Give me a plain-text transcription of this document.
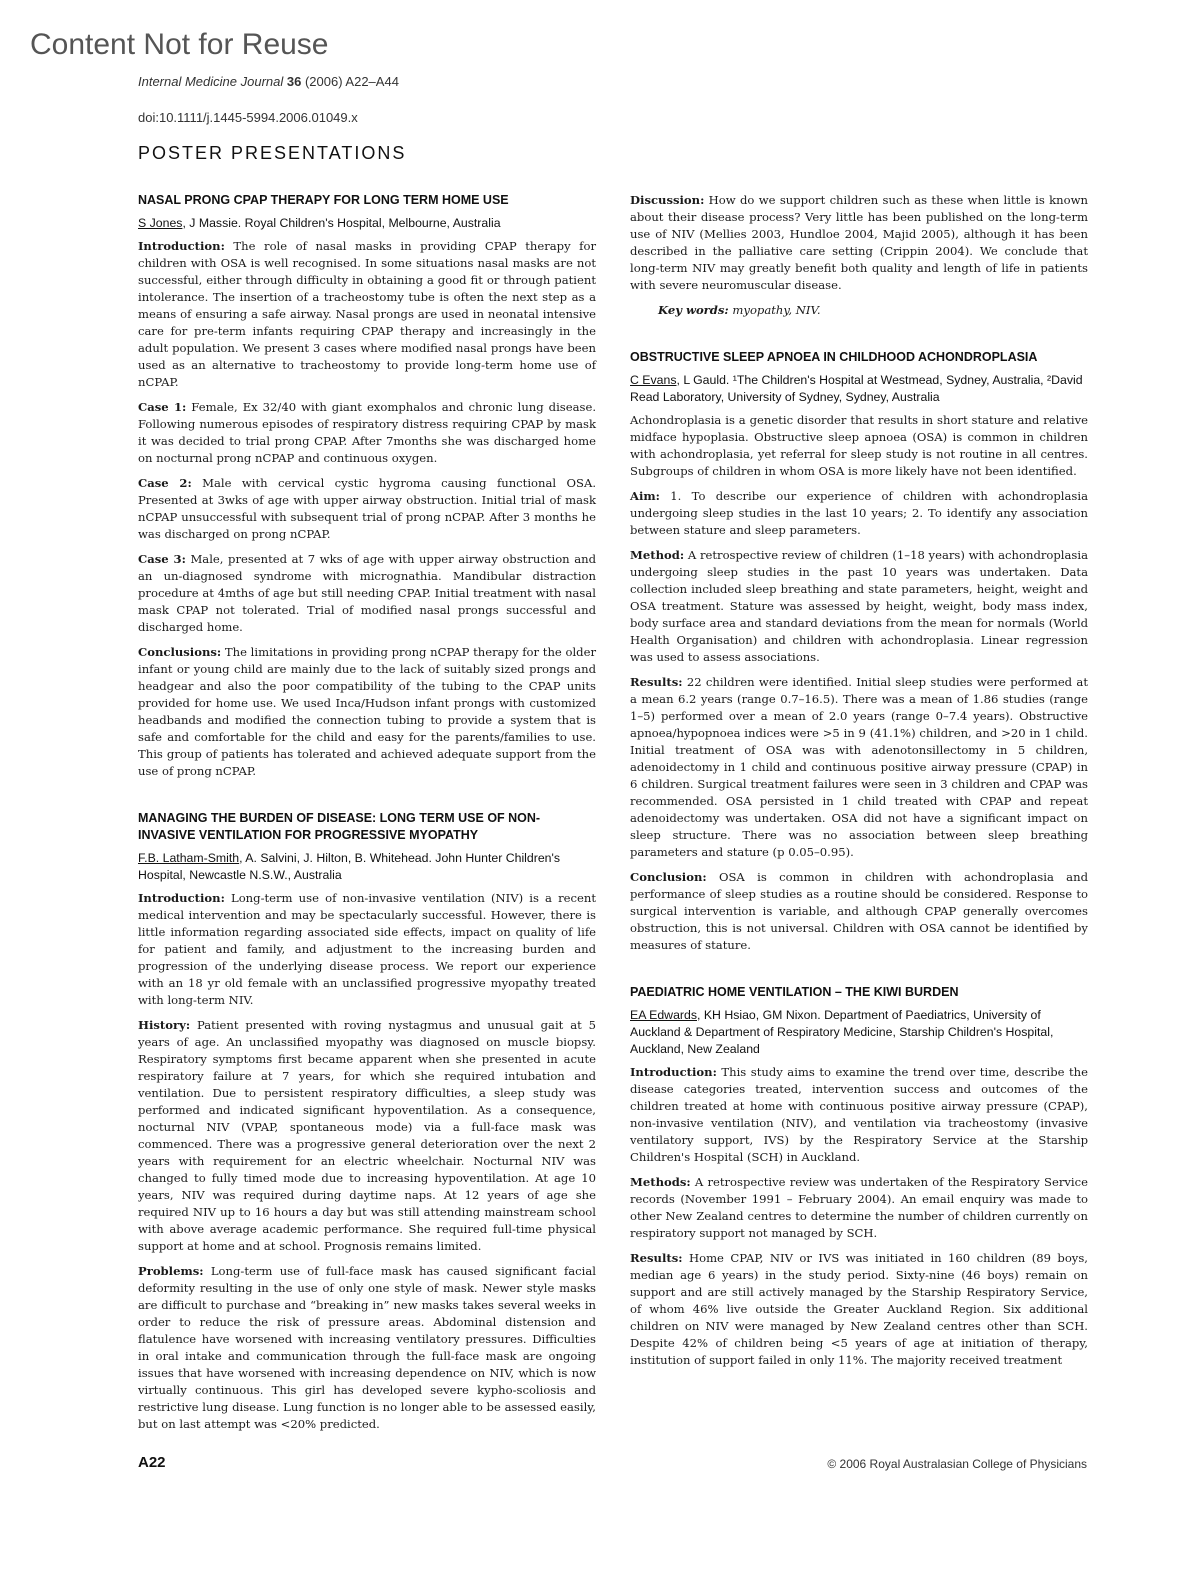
Content Not for Reuse
Internal Medicine Journal 36 (2006) A22–A44
doi:10.1111/j.1445-5994.2006.01049.x
POSTER PRESENTATIONS
NASAL PRONG CPAP THERAPY FOR LONG TERM HOME USE
S Jones, J Massie. Royal Children's Hospital, Melbourne, Australia

Introduction: The role of nasal masks in providing CPAP therapy for children with OSA is well recognised. In some situations nasal masks are not successful, either through difficulty in obtaining a good fit or through patient intolerance. The insertion of a tracheostomy tube is often the next step as a means of ensuring a safe airway. Nasal prongs are used in neonatal intensive care for pre-term infants requiring CPAP therapy and increasingly in the adult population. We present 3 cases where modified nasal prongs have been used as an alternative to tracheostomy to provide long-term home use of nCPAP.

Case 1: Female, Ex 32/40 with giant exomphalos and chronic lung disease. Following numerous episodes of respiratory distress requiring CPAP by mask it was decided to trial prong CPAP. After 7months she was discharged home on nocturnal prong nCPAP and continuous oxygen.

Case 2: Male with cervical cystic hygroma causing functional OSA. Presented at 3wks of age with upper airway obstruction. Initial trial of mask nCPAP unsuccessful with subsequent trial of prong nCPAP. After 3 months he was discharged on prong nCPAP.

Case 3: Male, presented at 7 wks of age with upper airway obstruction and an un-diagnosed syndrome with micrognathia. Mandibular distraction procedure at 4mths of age but still needing CPAP. Initial treatment with nasal mask CPAP not tolerated. Trial of modified nasal prongs successful and discharged home.

Conclusions: The limitations in providing prong nCPAP therapy for the older infant or young child are mainly due to the lack of suitably sized prongs and headgear and also the poor compatibility of the tubing to the CPAP units provided for home use. We used Inca/Hudson infant prongs with customized headbands and modified the connection tubing to provide a system that is safe and comfortable for the child and easy for the parents/families to use. This group of patients has tolerated and achieved adequate support from the use of prong nCPAP.

MANAGING THE BURDEN OF DISEASE: LONG TERM USE OF NON-INVASIVE VENTILATION FOR PROGRESSIVE MYOPATHY
F.B. Latham-Smith, A. Salvini, J. Hilton, B. Whitehead. John Hunter Children's Hospital, Newcastle N.S.W., Australia

Introduction: Long-term use of non-invasive ventilation (NIV) is a recent medical intervention and may be spectacularly successful. However, there is little information regarding associated side effects, impact on quality of life for patient and family, and adjustment to the increasing burden and progression of the underlying disease process. We report our experience with an 18 yr old female with an unclassified progressive myopathy treated with long-term NIV.

History: Patient presented with roving nystagmus and unusual gait at 5 years of age. An unclassified myopathy was diagnosed on muscle biopsy. Respiratory symptoms first became apparent when she presented in acute respiratory failure at 7 years, for which she required intubation and ventilation. Due to persistent respiratory difficulties, a sleep study was performed and indicated significant hypoventilation. As a consequence, nocturnal NIV (VPAP, spontaneous mode) via a full-face mask was commenced. There was a progressive general deterioration over the next 2 years with requirement for an electric wheelchair. Nocturnal NIV was changed to fully timed mode due to increasing hypoventilation. At age 10 years, NIV was required during daytime naps. At 12 years of age she required NIV up to 16 hours a day but was still attending mainstream school with above average academic performance. She required full-time physical support at home and at school. Prognosis remains limited.

Problems: Long-term use of full-face mask has caused significant facial deformity resulting in the use of only one style of mask. Newer style masks are difficult to purchase and “breaking in” new masks takes several weeks in order to reduce the risk of pressure areas. Abdominal distension and flatulence have worsened with increasing ventilatory pressures. Difficulties in oral intake and communication through the full-face mask are ongoing issues that have worsened with increasing dependence on NIV, which is now virtually continuous. This girl has developed severe kypho-scoliosis and restrictive lung disease. Lung function is no longer able to be assessed easily, but on last attempt was <20% predicted.

Discussion: How do we support children such as these when little is known about their disease process? Very little has been published on the long-term use of NIV (Mellies 2003, Hundloe 2004, Majid 2005), although it has been described in the palliative care setting (Crippin 2004). We conclude that long-term NIV may greatly benefit both quality and length of life in patients with severe neuromuscular disease.

Key words: myopathy, NIV.

OBSTRUCTIVE SLEEP APNOEA IN CHILDHOOD ACHONDROPLASIA
C Evans, L Gauld. ¹The Children's Hospital at Westmead, Sydney, Australia, ²David Read Laboratory, University of Sydney, Sydney, Australia

Achondroplasia is a genetic disorder that results in short stature and relative midface hypoplasia. Obstructive sleep apnoea (OSA) is common in children with achondroplasia, yet referral for sleep study is not routine in all centres. Subgroups of children in whom OSA is more likely have not been identified.

Aim: 1. To describe our experience of children with achondroplasia undergoing sleep studies in the last 10 years; 2. To identify any association between stature and sleep parameters.

Method: A retrospective review of children (1–18 years) with achondroplasia undergoing sleep studies in the past 10 years was undertaken. Data collection included sleep breathing and state parameters, height, weight and OSA treatment. Stature was assessed by height, weight, body mass index, body surface area and standard deviations from the mean for normals (World Health Organisation) and children with achondroplasia. Linear regression was used to assess associations.

Results: 22 children were identified. Initial sleep studies were performed at a mean 6.2 years (range 0.7–16.5). There was a mean of 1.86 studies (range 1–5) performed over a mean of 2.0 years (range 0–7.4 years). Obstructive apnoea/hypopnoea indices were >5 in 9 (41.1%) children, and >20 in 1 child. Initial treatment of OSA was with adenotonsillectomy in 5 children, adenoidectomy in 1 child and continuous positive airway pressure (CPAP) in 6 children. Surgical treatment failures were seen in 3 children and CPAP was recommended. OSA persisted in 1 child treated with CPAP and repeat adenoidectomy was undertaken. OSA did not have a significant impact on sleep structure. There was no association between sleep breathing parameters and stature (p 0.05–0.95).

Conclusion: OSA is common in children with achondroplasia and performance of sleep studies as a routine should be considered. Response to surgical intervention is variable, and although CPAP generally overcomes obstruction, this is not universal. Children with OSA cannot be identified by measures of stature.

PAEDIATRIC HOME VENTILATION – THE KIWI BURDEN
EA Edwards, KH Hsiao, GM Nixon. Department of Paediatrics, University of Auckland & Department of Respiratory Medicine, Starship Children's Hospital, Auckland, New Zealand

Introduction: This study aims to examine the trend over time, describe the disease categories treated, intervention success and outcomes of the children treated at home with continuous positive airway pressure (CPAP), non-invasive ventilation (NIV), and ventilation via tracheostomy (invasive ventilatory support, IVS) by the Respiratory Service at the Starship Children's Hospital (SCH) in Auckland.

Methods: A retrospective review was undertaken of the Respiratory Service records (November 1991 – February 2004). An email enquiry was made to other New Zealand centres to determine the number of children currently on respiratory support not managed by SCH.

Results: Home CPAP, NIV or IVS was initiated in 160 children (89 boys, median age 6 years) in the study period. Sixty-nine (46 boys) remain on support and are still actively managed by the Starship Respiratory Service, of whom 46% live outside the Greater Auckland Region. Six additional children on NIV were managed by New Zealand centres other than SCH. Despite 42% of children being <5 years of age at initiation of therapy, institution of support failed in only 11%. The majority received treatment

A22	© 2006 Royal Australasian College of Physicians
